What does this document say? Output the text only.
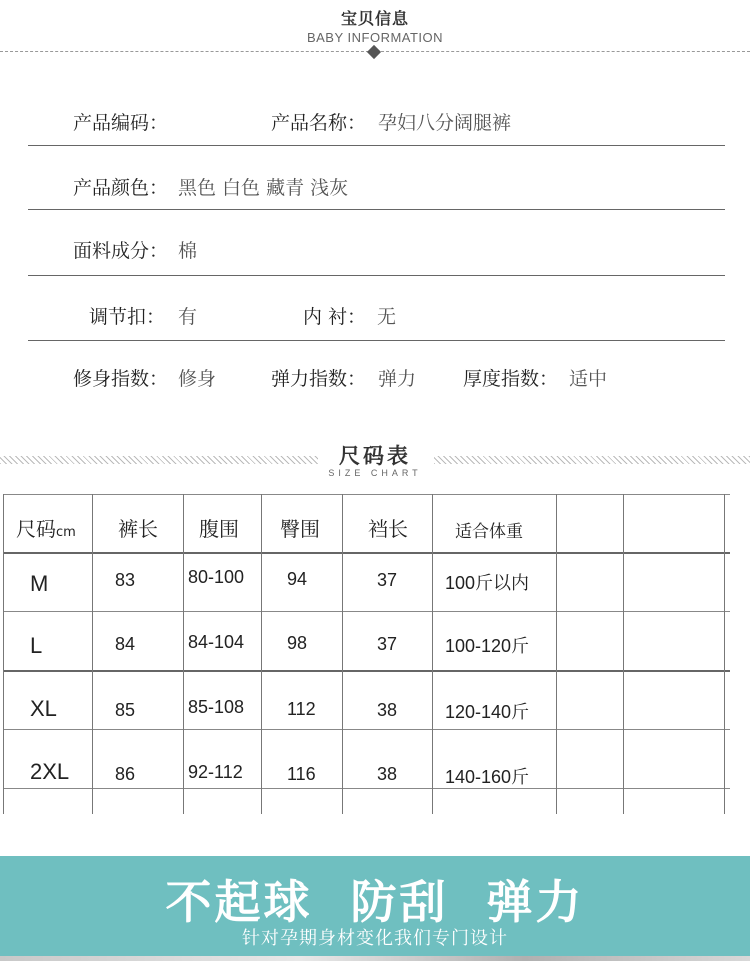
宝贝信息
BABY INFORMATION
产品编码：	产品名称： 孕妇八分阔腿裤
产品颜色： 黑色 白色 藏青 浅灰
面料成分： 棉
调节扣： 有	内 衬： 无
修身指数： 修身	弹力指数： 弹力 厚度指数： 适中
尺码表
SIZE CHART
尺码cm 裤长 腹围 臀围 裆长	适合体重
M	83	80-100 94	37	100斤以内
L	84	84-104 98	37	100-120斤
XL	85	85-108 112	38	120-140斤
2XL	86	92-112 116	38	140-160斤
不起球  防刮  弹力
针对孕期身材变化我们专门设计
